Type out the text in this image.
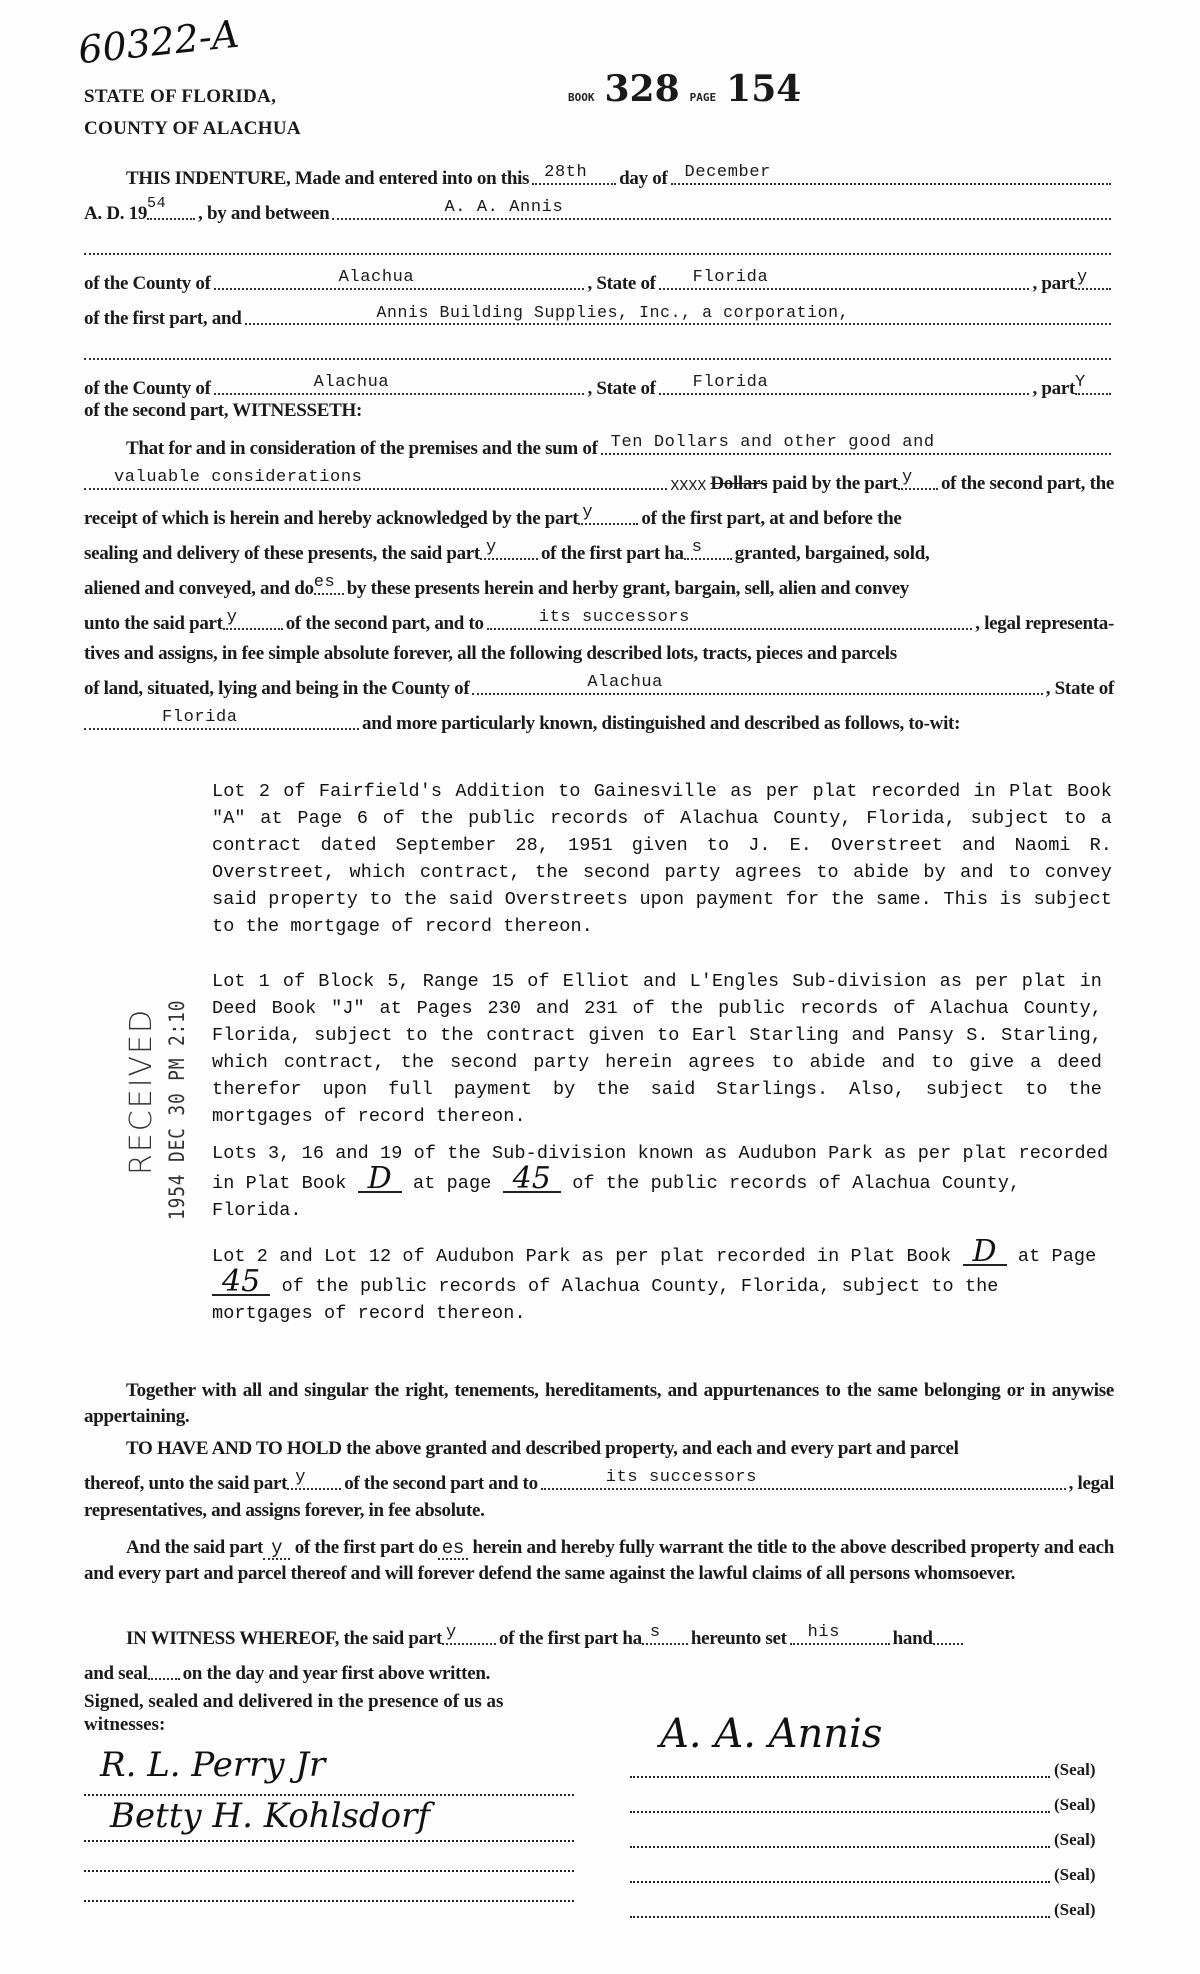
60322-A
STATE OF FLORIDA,
COUNTY OF ALACHUA
BOOK 328 PAGE 154
THIS INDENTURE, Made and entered into on this 28th day of December
A. D. 19 54 , by and between	A. A. Annis
of the County of	Alachua	, State of Florida	, part y
of the first part, and	Annis Building Supplies, Inc., a corporation,
of the County of	Alachua	, State of Florida	, part Y
of the second part, WITNESSETH:
That for and in consideration of the premises and the sum of Ten Dollars and other good and
valuable considerations	XXXX Dollars paid by the part y of the second part, the
receipt of which is herein and hereby acknowledged by the part y	of the first part, at and before the
sealing and delivery of these presents, the said part y of the first part ha s granted, bargained, sold,
aliened and conveyed, and do es by these presents herein and herby grant, bargain, sell, alien and convey
unto the said part y	of the second part, and to	its successors	, legal representa-
tives and assigns, in fee simple absolute forever, all the following described lots, tracts, pieces and parcels
of land, situated, lying and being in the County of	Alachua	, State of
Florida	and more particularly known, distinguished and described as follows, to-wit:

Lot 2 of Fairfield's Addition to Gainesville as per plat recorded in Plat Book "A" at Page 6 of the public records of Alachua County, Florida, subject to a contract dated September 28, 1951 given to J. E. Overstreet and Naomi R. Overstreet, which contract, the second party agrees to abide by and to convey said property to the said Overstreets upon payment for the same. This is subject to the mortgage of record thereon.

Lot 1 of Block 5, Range 15 of Elliot and L'Engles Sub-division as per plat in Deed Book "J" at Pages 230 and 231 of the public records of Alachua County, Florida, subject to the contract given to Earl Starling and Pansy S. Starling, which contract, the second party herein agrees to abide and to give a deed therefor upon full payment by the said Starlings. Also, subject to the mortgages of record thereon.

Lots 3, 16 and 19 of the Sub-division known as Audubon Park as per plat recorded in Plat Book D at page 45 of the public records of Alachua County, Florida.

Lot 2 and Lot 12 of Audubon Park as per plat recorded in Plat Book D at Page 45 of the public records of Alachua County, Florida, subject to the mortgages of record thereon.

RECEIVED 1954 DEC 30 PM 2:10
Together with all and singular the right, tenements, hereditaments, and appurtenances to the same belonging or in anywise appertaining.
TO HAVE AND TO HOLD the above granted and described property, and each and every part and parcel
thereof, unto the said part y of the second part and to	its successors	, legal
representatives, and assigns forever, in fee absolute.
And the said part y of the first part do es herein and hereby fully warrant the title to the above described property and each and every part and parcel thereof and will forever defend the same against the lawful claims of all persons whomsoever.
IN WITNESS WHEREOF, the said part y of the first part ha s hereunto set his	hand
and seal on the day and year first above written.
Signed, sealed and delivered in the presence of us as witnesses:
R. L. Perry Jr
Betty H. Kohlsdorf
A. A. Annis
(Seal)
(Seal)
(Seal)
(Seal)
(Seal)
